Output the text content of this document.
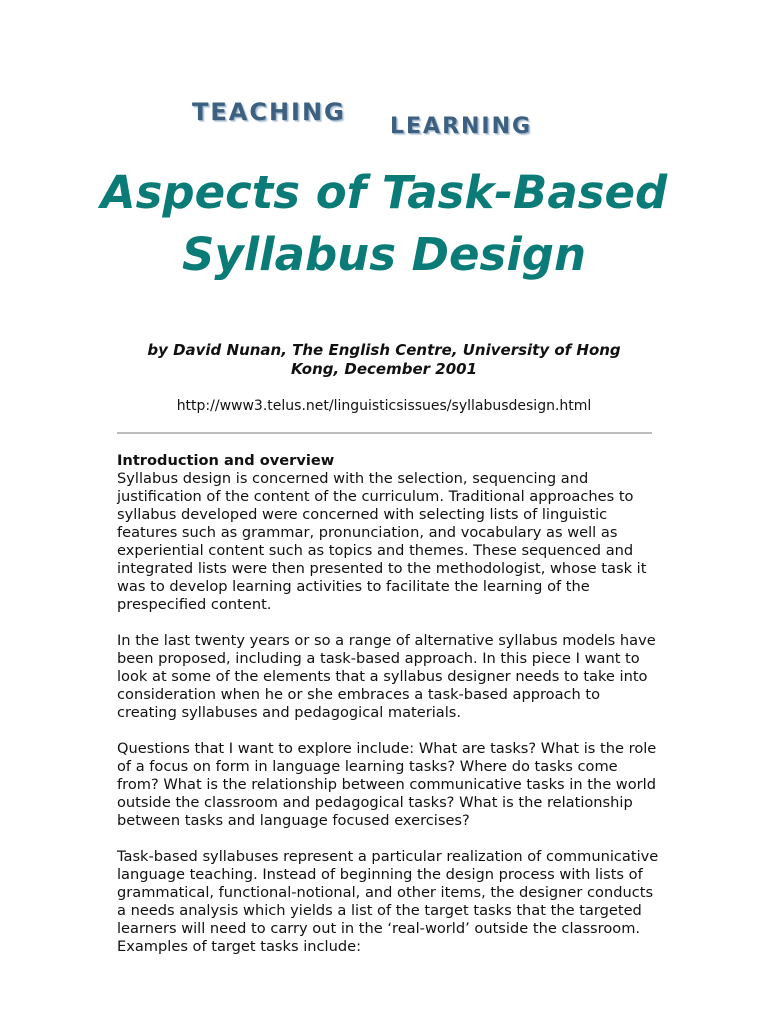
TEACHING
LEARNING
Aspects of Task-Based Syllabus Design

by David Nunan, The English Centre, University of Hong Kong, December 2001

http://www3.telus.net/linguisticsissues/syllabusdesign.html

Introduction and overview
Syllabus design is concerned with the selection, sequencing and justification of the content of the curriculum. Traditional approaches to syllabus developed were concerned with selecting lists of linguistic features such as grammar, pronunciation, and vocabulary as well as experiential content such as topics and themes. These sequenced and integrated lists were then presented to the methodologist, whose task it was to develop learning activities to facilitate the learning of the prespecified content.

In the last twenty years or so a range of alternative syllabus models have been proposed, including a task-based approach. In this piece I want to look at some of the elements that a syllabus designer needs to take into consideration when he or she embraces a task-based approach to creating syllabuses and pedagogical materials.

Questions that I want to explore include: What are tasks? What is the role of a focus on form in language learning tasks? Where do tasks come from? What is the relationship between communicative tasks in the world outside the classroom and pedagogical tasks? What is the relationship between tasks and language focused exercises?

Task-based syllabuses represent a particular realization of communicative language teaching. Instead of beginning the design process with lists of grammatical, functional-notional, and other items, the designer conducts a needs analysis which yields a list of the target tasks that the targeted learners will need to carry out in the ‘real-world’ outside the classroom. Examples of target tasks include:
